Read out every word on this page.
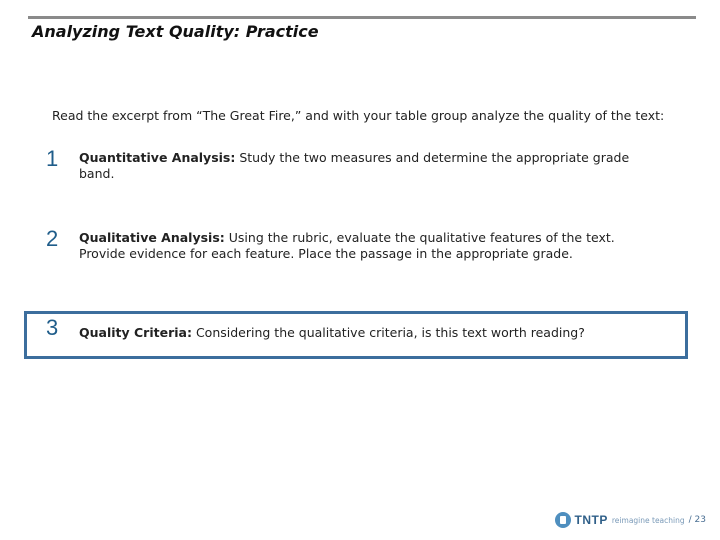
Analyzing Text Quality: Practice
Read the excerpt from “The Great Fire,” and with your table group analyze the quality of the text:
1	Quantitative Analysis: Study the two measures and determine the appropriate grade band.
2	Qualitative Analysis: Using the rubric, evaluate the qualitative features of the text. Provide evidence for each feature. Place the passage in the appropriate grade.
3	Quality Criteria: Considering the qualitative criteria, is this text worth reading?
TNTP reimagine teaching / 23
